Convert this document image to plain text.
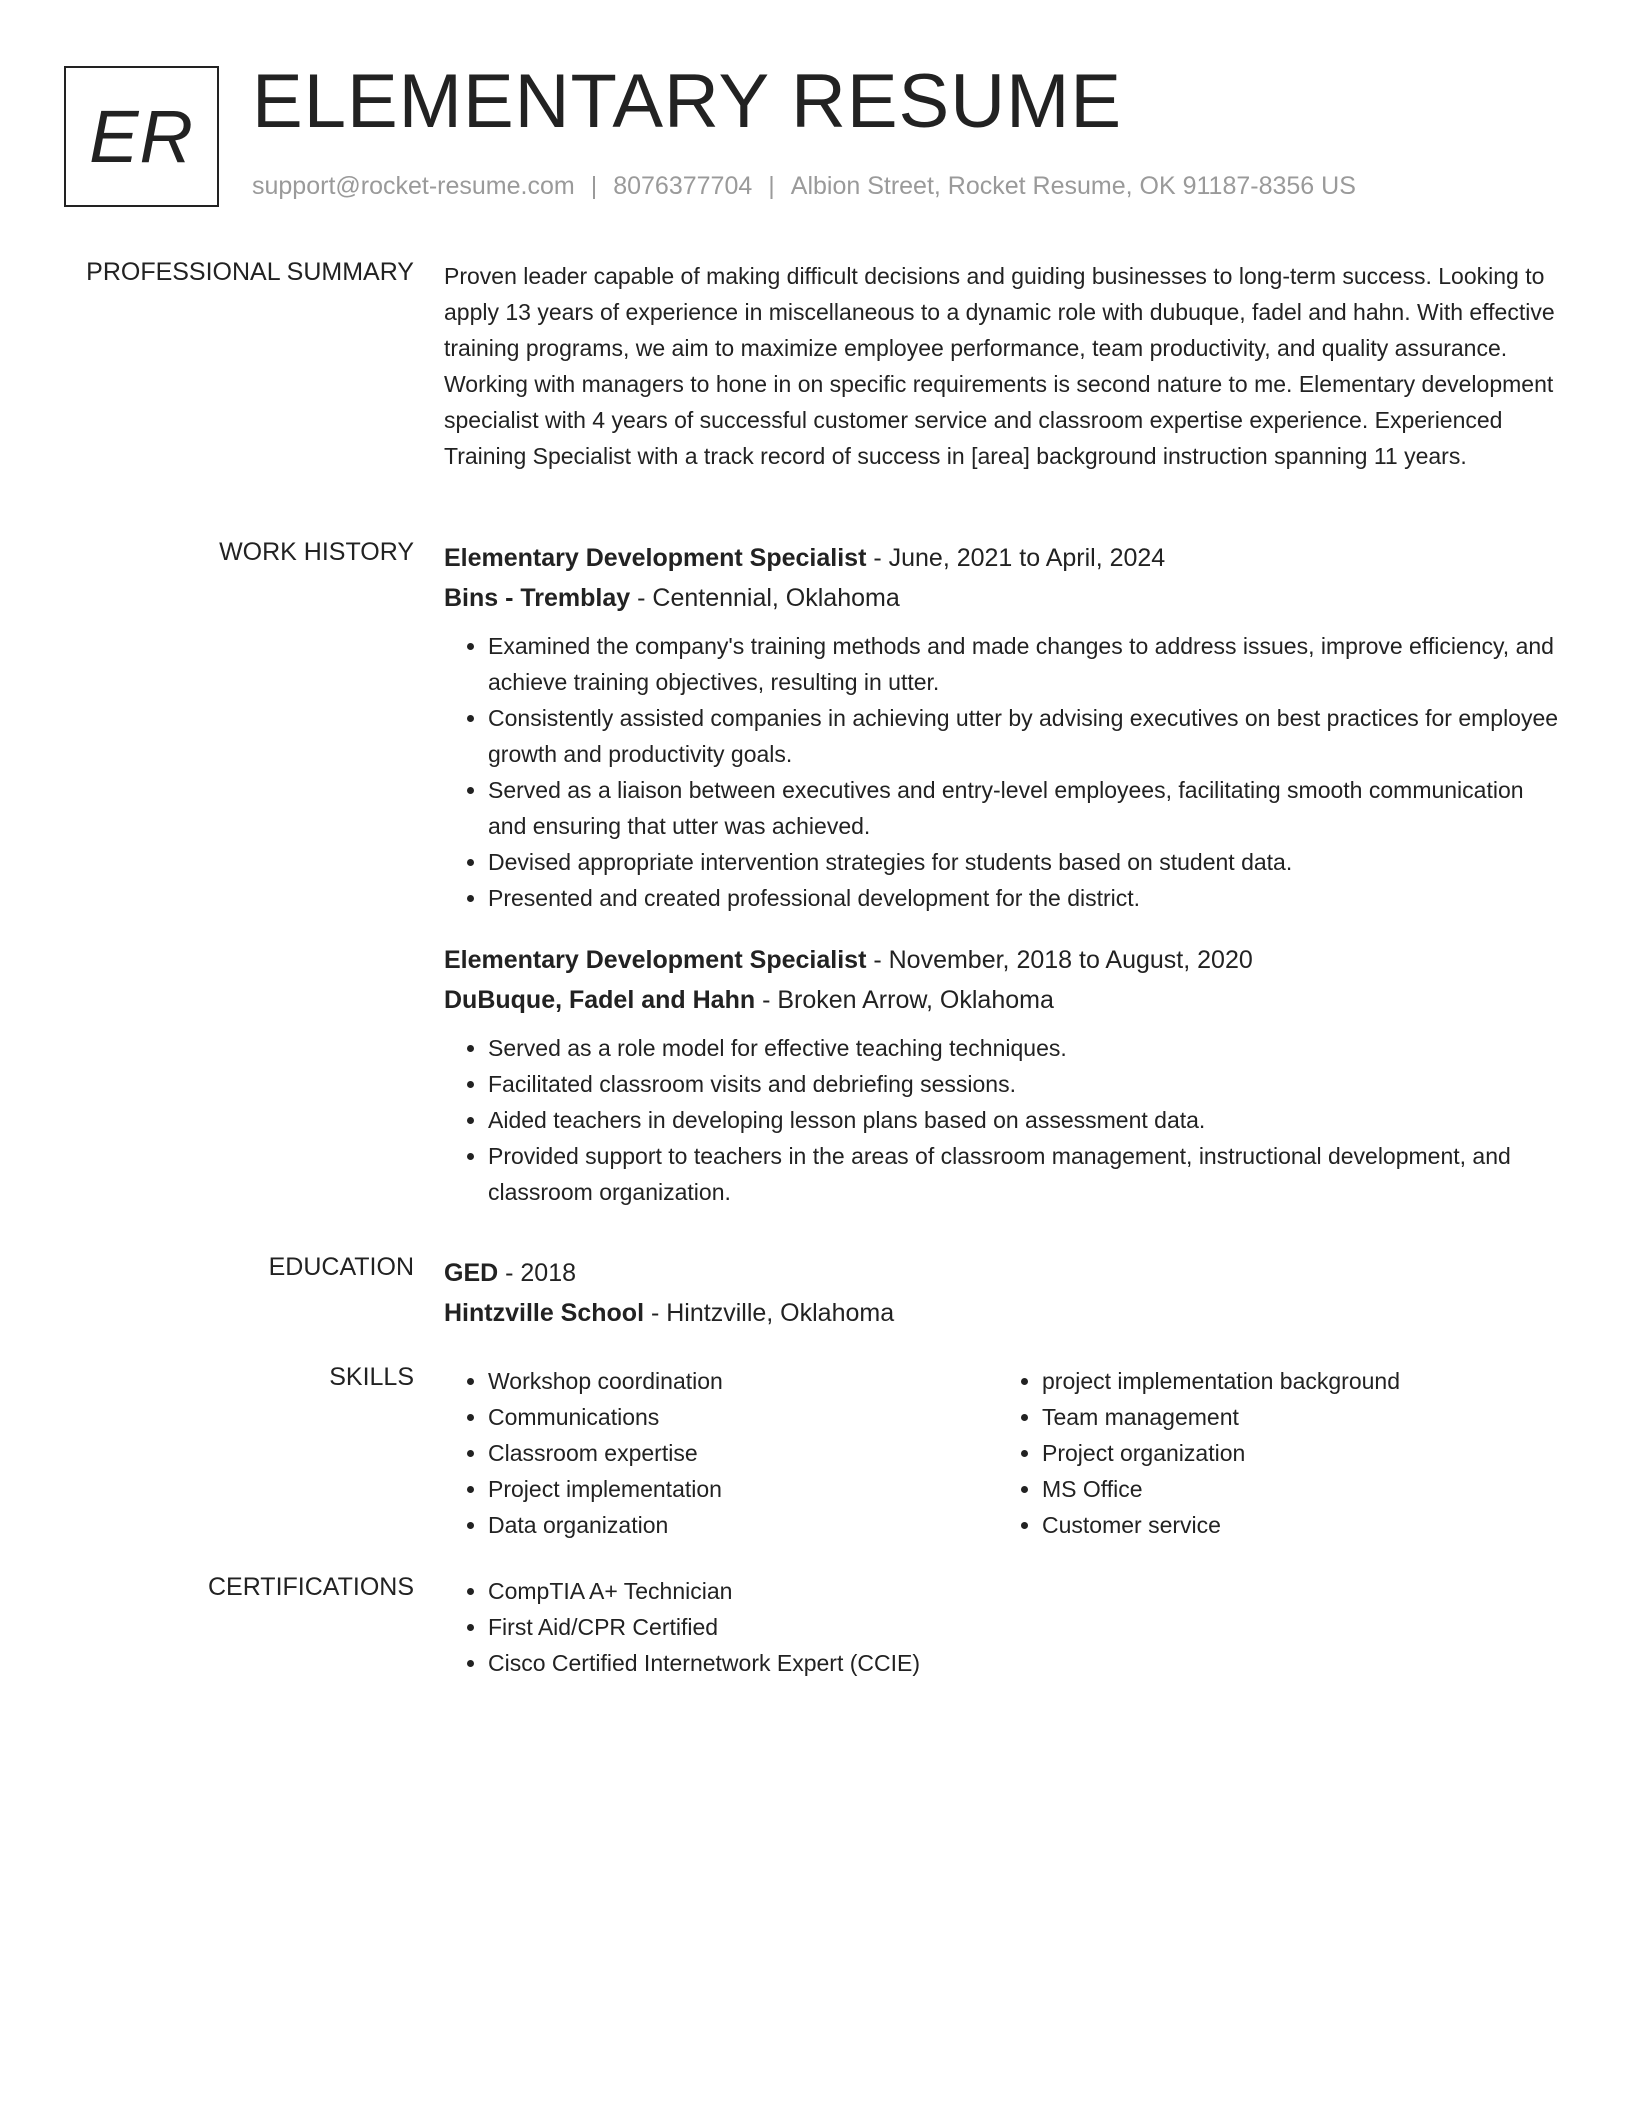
ER ELEMENTARY RESUME
support@rocket-resume.com | 8076377704 | Albion Street, Rocket Resume, OK 91187-8356 US
PROFESSIONAL SUMMARY Proven leader capable of making difficult decisions and guiding businesses to long-term success. Looking to apply 13 years of experience in miscellaneous to a dynamic role with dubuque, fadel and hahn. With effective training programs, we aim to maximize employee performance, team productivity, and quality assurance. Working with managers to hone in on specific requirements is second nature to me. Elementary development specialist with 4 years of successful customer service and classroom expertise experience. Experienced Training Specialist with a track record of success in [area] background instruction spanning 11 years.

WORK HISTORY Elementary Development Specialist - June, 2021 to April, 2024
Bins - Tremblay - Centennial, Oklahoma
• Examined the company's training methods and made changes to address issues, improve efficiency, and achieve training objectives, resulting in utter.
• Consistently assisted companies in achieving utter by advising executives on best practices for employee growth and productivity goals.
• Served as a liaison between executives and entry-level employees, facilitating smooth communication and ensuring that utter was achieved.
• Devised appropriate intervention strategies for students based on student data.
• Presented and created professional development for the district.
Elementary Development Specialist - November, 2018 to August, 2020
DuBuque, Fadel and Hahn - Broken Arrow, Oklahoma
• Served as a role model for effective teaching techniques.
• Facilitated classroom visits and debriefing sessions.
• Aided teachers in developing lesson plans based on assessment data.
• Provided support to teachers in the areas of classroom management, instructional development, and classroom organization.
EDUCATION GED - 2018
Hintzville School - Hintzville, Oklahoma
SKILLS	• Workshop coordination
• Communications
• Classroom expertise
• Project implementation
• Data organization
• project implementation background
• Team management
• Project organization
• MS Office
• Customer service
CERTIFICATIONS	• CompTIA A+ Technician
• First Aid/CPR Certified
• Cisco Certified Internetwork Expert (CCIE)
